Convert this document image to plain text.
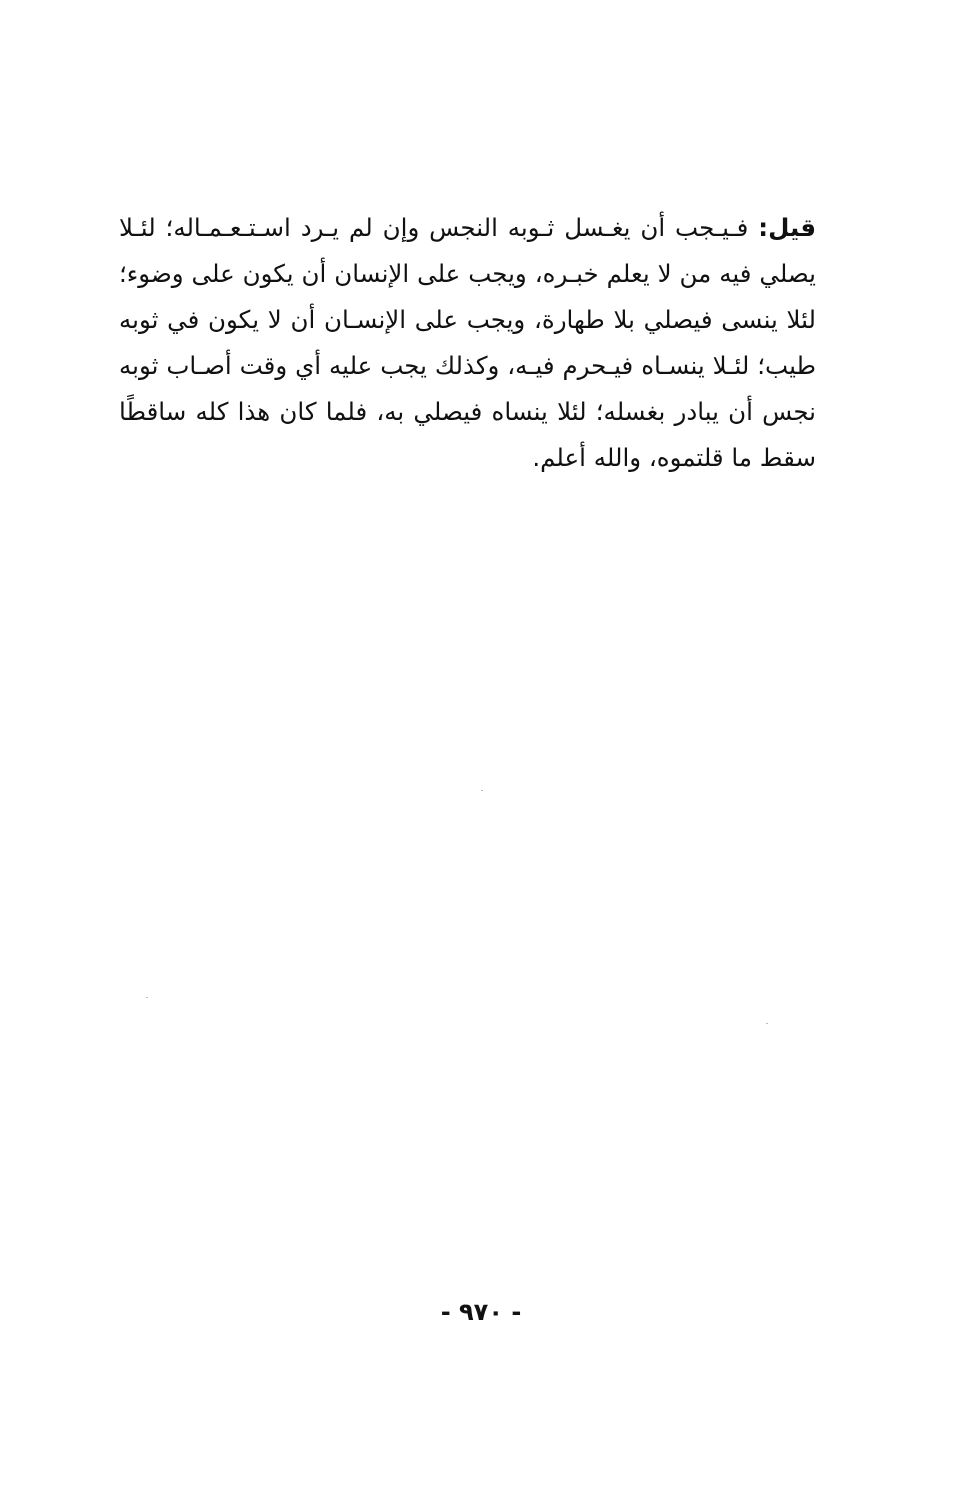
قيل: فـيـجب أن يغـسل ثـوبه النجس وإن لم يـرد اسـتـعـمـاله؛ لئـلا
يصلي فيه من لا يعلم خبـره، ويجب على الإنسان أن يكون على وضوء؛
لئلا ينسى فيصلي بلا طهارة، ويجب على الإنسـان أن لا يكون في ثوبه
طيب؛ لئـلا ينسـاه فيـحرم فيـه، وكذلك يجب عليه أي وقت أصـاب ثوبه
نجس أن يبادر بغسله؛ لئلا ينساه فيصلي به، فلما كان هذا كله ساقطًا
سقط ما قلتموه، والله أعلم.
- ٩٧٠ -
